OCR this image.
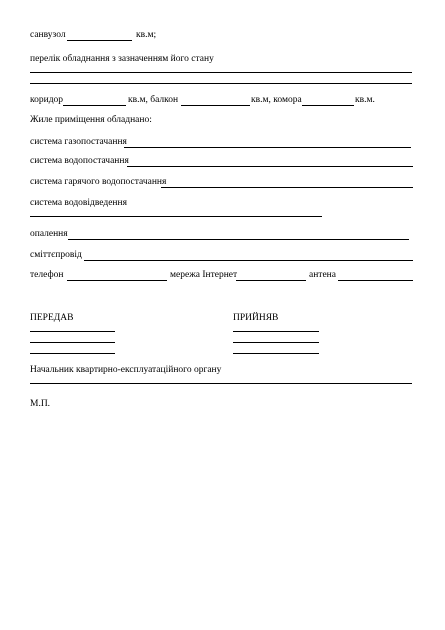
санвузол	кв.м;
перелік обладнання з зазначенням його стану
коридор	кв.м, балкон	кв.м, комора	кв.м.
Жиле приміщення обладнано:
система газопостачання
система водопостачання
система гарячого водопостачання
система водовідведення
опалення
сміттєпровід
телефон	мережа Інтернет	антена
ПЕРЕДАВ	ПРИЙНЯВ
Начальник квартирно-експлуатаційного органу
М.П.
